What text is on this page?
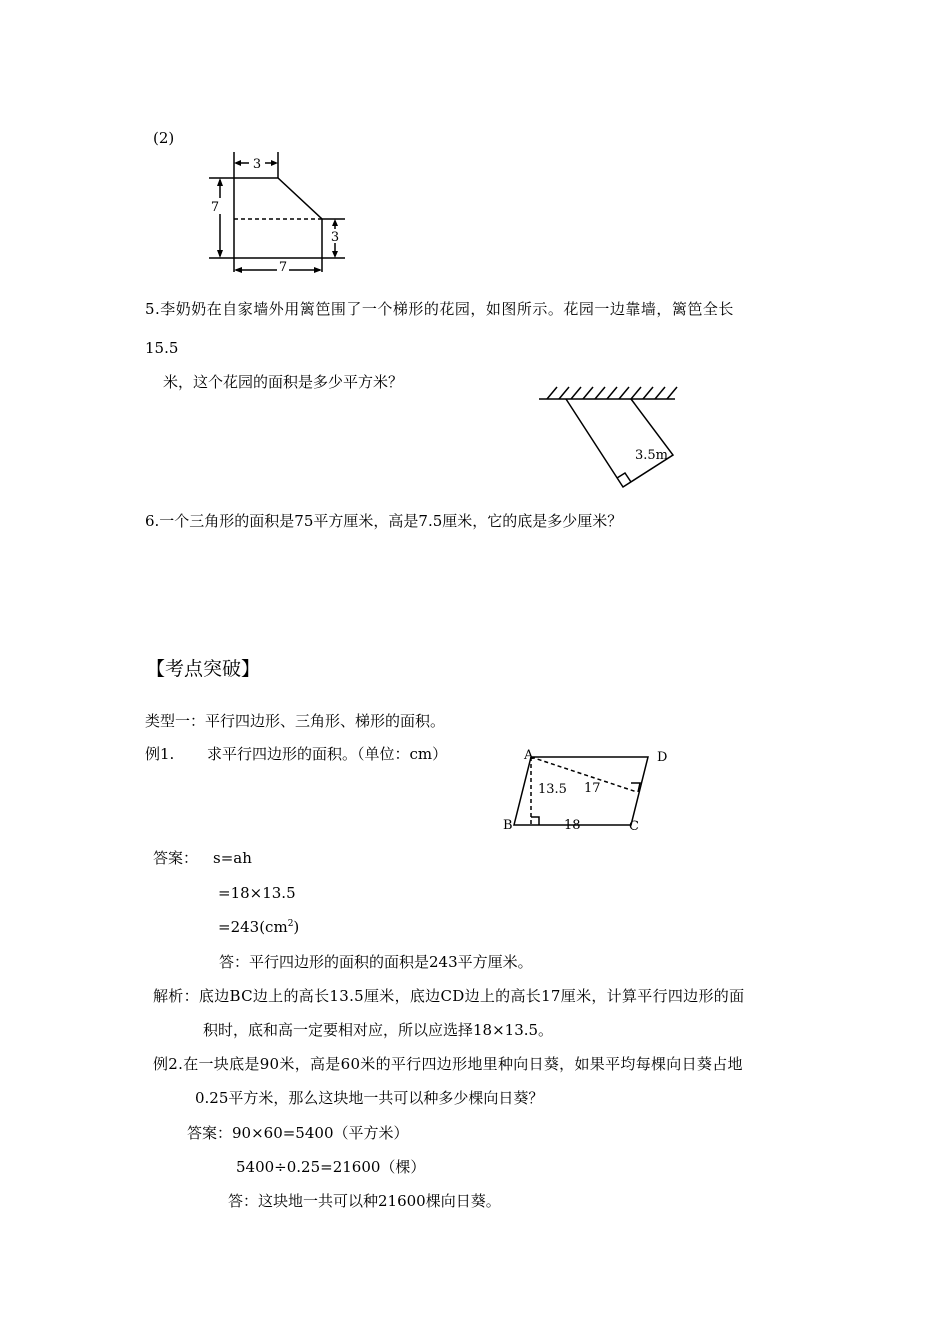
(2)
3
7
3
7
5.李奶奶在自家墙外用篱笆围了一个梯形的花园，如图所示。花园一边靠墙，篱笆全长
15.5
米，这个花园的面积是多少平方米？
3.5m
6.一个三角形的面积是75平方厘米，高是7.5厘米，它的底是多少厘米？
【考点突破】
类型一：平行四边形、三角形、梯形的面积。
例1. 求平行四边形的面积。（单位：cm）	A	D
B	C
13.5 17
18
答案： s=ah
=18×13.5
$=243(cm^2)$
答：平行四边形的面积的面积是243平方厘米。
解析：底边BC边上的高长13.5厘米，底边CD边上的高长17厘米，计算平行四边形的面
积时，底和高一定要相对应，所以应选择18×13.5。
例2.在一块底是90米，高是60米的平行四边形地里种向日葵，如果平均每棵向日葵占地
0.25平方米，那么这块地一共可以种多少棵向日葵？
答案：90×60=5400（平方米）
5400÷0.25=21600（棵）
答：这块地一共可以种21600棵向日葵。
